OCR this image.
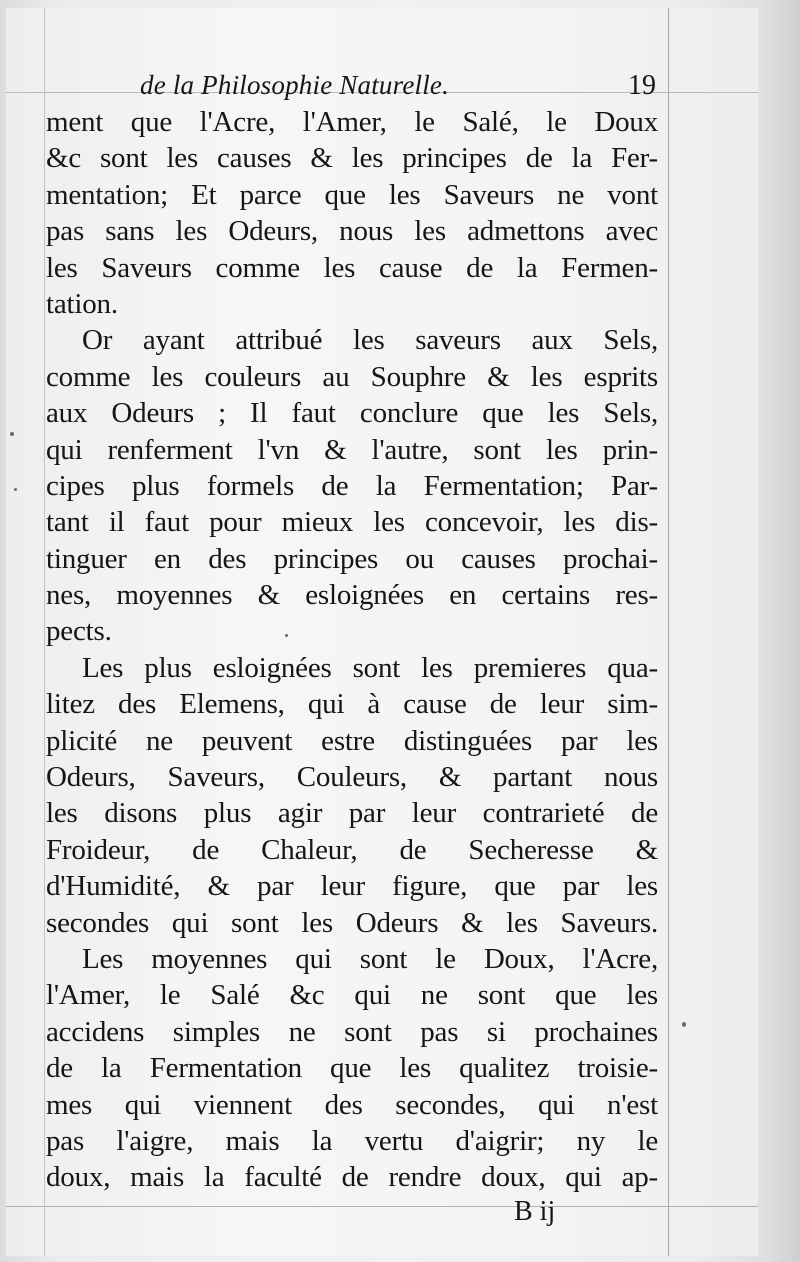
de la Philosophie Naturelle.	19
ment que l'Acre, l'Amer, le Salé, le Doux
&c sont les causes & les principes de la Fer-
mentation; Et parce que les Saveurs ne vont
pas sans les Odeurs, nous les admettons avec
les Saveurs comme les cause de la Fermen-
tation.
Or ayant attribué les saveurs aux Sels,
comme les couleurs au Souphre & les esprits
aux Odeurs ; Il faut conclure que les Sels,
qui renferment l'vn & l'autre, sont les prin-
cipes plus formels de la Fermentation; Par-
tant il faut pour mieux les concevoir, les dis-
tinguer en des principes ou causes prochai-
nes, moyennes & esloignées en certains res-
pects.
Les plus esloignées sont les premieres qua-
litez des Elemens, qui à cause de leur sim-
plicité ne peuvent estre distinguées par les
Odeurs, Saveurs, Couleurs, & partant nous
les disons plus agir par leur contrarieté de
Froideur, de Chaleur, de Secheresse &
d'Humidité, & par leur figure, que par les
secondes qui sont les Odeurs & les Saveurs.
Les moyennes qui sont le Doux, l'Acre,
l'Amer, le Salé &c qui ne sont que les
accidens simples ne sont pas si prochaines
de la Fermentation que les qualitez troisie-
mes qui viennent des secondes, qui n'est
pas l'aigre, mais la vertu d'aigrir; ny le
doux, mais la faculté de rendre doux, qui ap-
B ij
